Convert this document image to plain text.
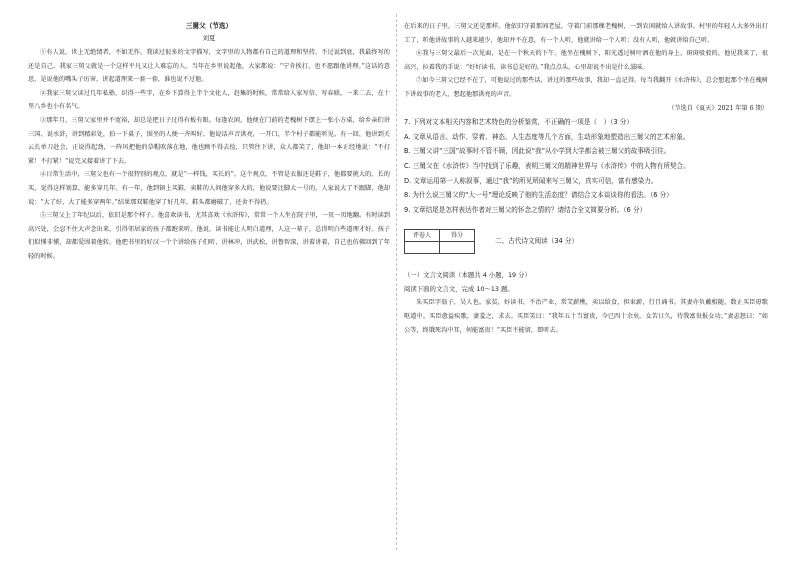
三舅父（节选）
刘夏

①有人说，世上无绝情者，不如无作。我读过很多的文字描写，文字里的人物都有自己的道理和坚持，不过说到底，我最终写的还是自己。我家三舅父就是一个这样平凡又让人难忘的人。当年在乡里说起他，大家都说：“宁肯挨打，也不愿跟他讲理。”这话的意思，是说他的嘴头子厉害，讲起道理来一套一套，谁也说不过他。

②我家三舅父读过几年私塾，识得一些字，在乡下算得上半个文化人，赶集的时候，常常给人家写信、写春联，一来二去，在十里八乡也小有名气。

③那年月，三舅父家里并不宽裕，却总是把日子过得有板有眼。每逢农闲，他便在门前的老槐树下摆上一张小方桌，给乡亲们讲三国、说水浒，讲到精彩处，拍一下桌子，围坐的人便一齐叫好。他说话声音洪亮，一开口，半个村子都能听见。有一回，他讲到关云长单刀赴会，正说得起劲，一阵风把他的草帽吹落在地，他也顾不得去捡，只管往下讲，众人都笑了，他却一本正经地说：“不打紧！不打紧！”说完又接着讲了下去。

④日常生活中，三舅父也有一个很特别的观点，就是“一样钱，买长的”。这个观点，不管是衣服还是鞋子，他都要挑大的、长的买，觉得这样划算，能多穿几年。有一年，他到镇上买鞋，卖鞋的人问他穿多大的，他说要比脚大一号的，人家说大了不跟脚，他却说：“大了好，大了能多穿两年。”结果那双鞋他穿了好几年，鞋头都磨破了，还舍不得扔。

⑤三舅父上了年纪以后，依旧是那个样子。他喜欢读书，尤其喜欢《水浒传》，常常一个人坐在院子里，一页一页地翻。有时读到高兴处，会忍不住大声念出来，引得邻居家的孩子都跑来听。他说，读书能让人明白道理，人这一辈子，总得明白些道理才好。孩子们似懂非懂，却都爱围着他转。他把书里的好汉一个个讲给孩子们听，讲林冲，讲武松，讲鲁智深，讲着讲着，自己也仿佛回到了年轻的时候。

在后来的日子里，三舅父还是那样。他依旧守着那间老屋，守着门前那棵老槐树，一到农闲就给人讲故事。村里的年轻人大多外出打工了，听他讲故事的人越来越少，他却并不在意，有一个人听，他就讲给一个人听；没有人听，他就讲给自己听。

⑥我与三舅父最后一次见面，是在一个秋天的下午。他坐在槐树下，阳光透过树叶洒在他的身上，斑斑驳驳的。他见我来了，很高兴，拉着我的手说：“好好读书，读书总是好的。”我点点头，心里却说不出是什么滋味。

⑦如今三舅父已经不在了，可他说过的那些话，讲过的那些故事，我却一直记得。每当我翻开《水浒传》，总会想起那个坐在槐树下讲故事的老人，想起他那洪亮的声音。

（节选自《夏天》2021 年第 6 期）

7. 下列对文本相关内容和艺术特色的分析鉴赏，不正确的一项是（　）（3 分）

A. 文章从语言、动作、穿着、神态、人生态度等几个方面，生动形象地塑造出三舅父的艺术形象。

B. 三舅父讲“三国”故事时不管不顾，因此说“我”从小学到大学都会被三舅父的故事吸引住。

C. 三舅父在《水浒传》当中找到了乐趣，表明三舅父的精神世界与《水浒传》中的人物有所契合。

D. 文章运用第一人称叙事，通过“我”的所见所闻来写三舅父，真实可信，富有感染力。

8. 为什么说三舅父的“大一号”理论反映了他的生活态度？请结合文本谈谈你的看法。（6 分）

9. 文章结尾是怎样表达作者对三舅父的怀念之情的？请结合全文简要分析。（6 分）

评卷人	得分

二、古代诗文阅读（34 分）

（一）文言文阅读（本题共 4 小题，19 分）

阅读下面的文言文，完成 10～13 题。

朱买臣字翁子，吴人也。家贫，好读书，不治产业，常艾薪樵，卖以给食，担束薪，行且诵书。其妻亦负戴相随，数止买臣毋歌呕道中。买臣愈益疾歌，妻羞之，求去。买臣笑曰：“我年五十当富贵，今已四十余矣。女苦日久，待我富贵报女功。”妻恚怒曰：“如公等，终饿死沟中耳，何能富贵！”买臣不能留，即听去。
